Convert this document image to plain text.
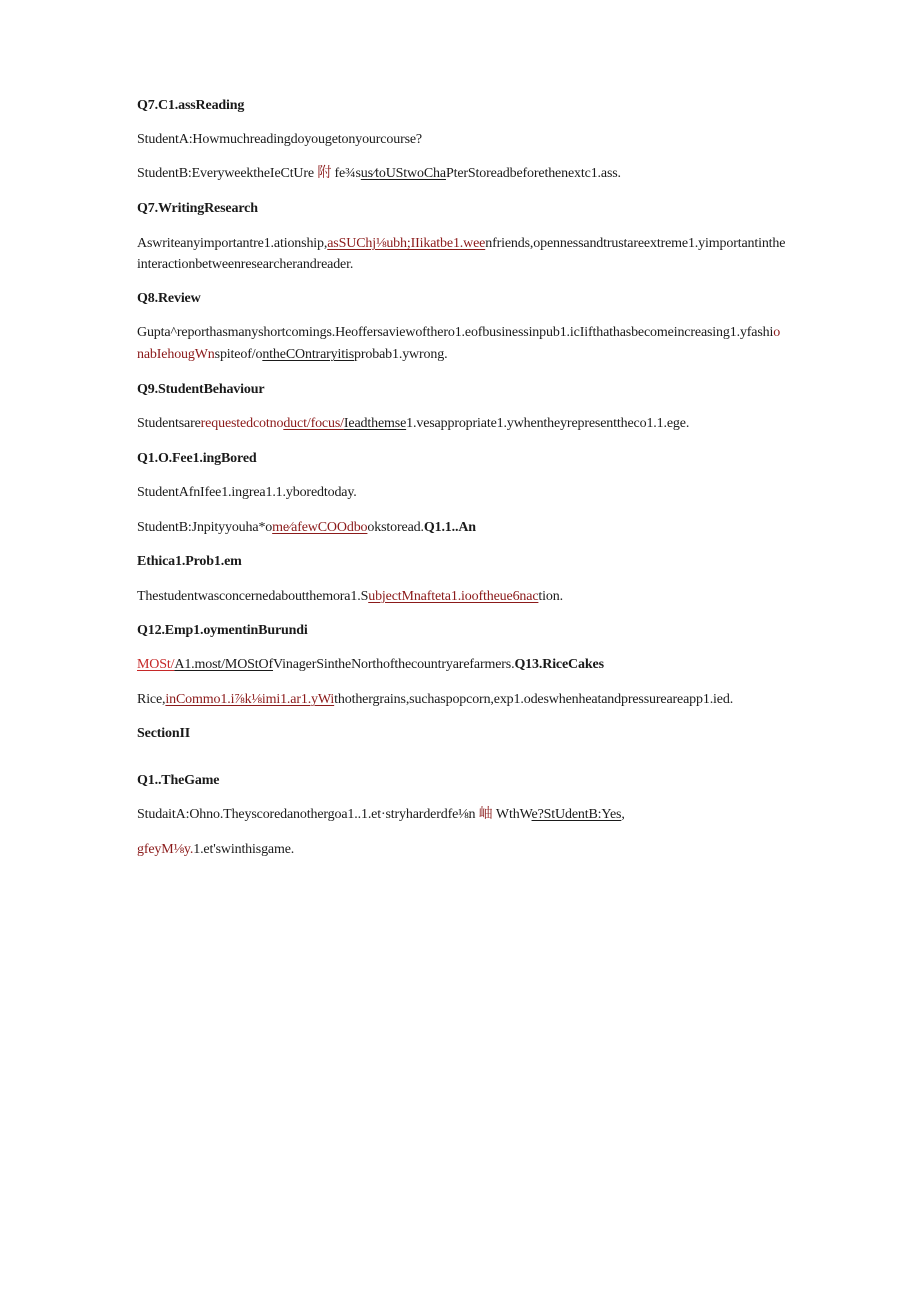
Q7.C1.assReading
StudentA:Howmuchreadingdoyougetonyourcourse?
StudentB:EveryweektheIeCtUre 附 fe¾sus⁄toUStwoChaPterStoreadbeforethenextc1.ass.
Q7.WritingResearch
Aswriteanyimportantre1.ationship,asSUChj⅛ubh;IIikatbe1.weenfriends,opennessandtrustareextreme1.yimportantinthe
interactionbetweenresearcherandreader.
Q8.Review
Gupta^reporthasmanyshortcomings.Heoffersaviewofthero1.eofbusinessinpub1.icIifthathasbecomeincreasing1.yfashio
nabIehougWnspiteof/ontheCOntraryitisprobab1.ywrong.
Q9.StudentBehaviour
Studentsarerequestedcotnoduct/focus/Ieadthemse1.vesappropriate1.ywhentheyrepresentthecо1.1.ege.
Q1.O.Fee1.ingBored
StudentAfnIfee1.ingrea1.1.yboredtoday.
StudentB:Jnpityyouha*ome⁄afewCOOdbookstoread.Q1.1..An
Ethica1.Prob1.em
Thestudentwasconcernedaboutthemora1.SubjectMnafteta1.iooftheue6naction.
Q12.Emp1.oymentinBurundi
MOSt/A1.most/MOStOfVinagerSintheNorthofthecountryarefarmers.Q13.RiceCakes
Rice,inCommo1.i⅞k⅛imi1.ar1.yWithothergrains,suchaspopcorn,exp1.odeswhenheatandpressureareapp1.ied.
SectionII
Q1..TheGame
StudaitA:Ohno.Theyscoredanothergoa1..1.et·stryharderdfe⅛n 岫 WthWe?StUdentB:Yes,
gfeyM⅛y.1.et'swinthisgame.
